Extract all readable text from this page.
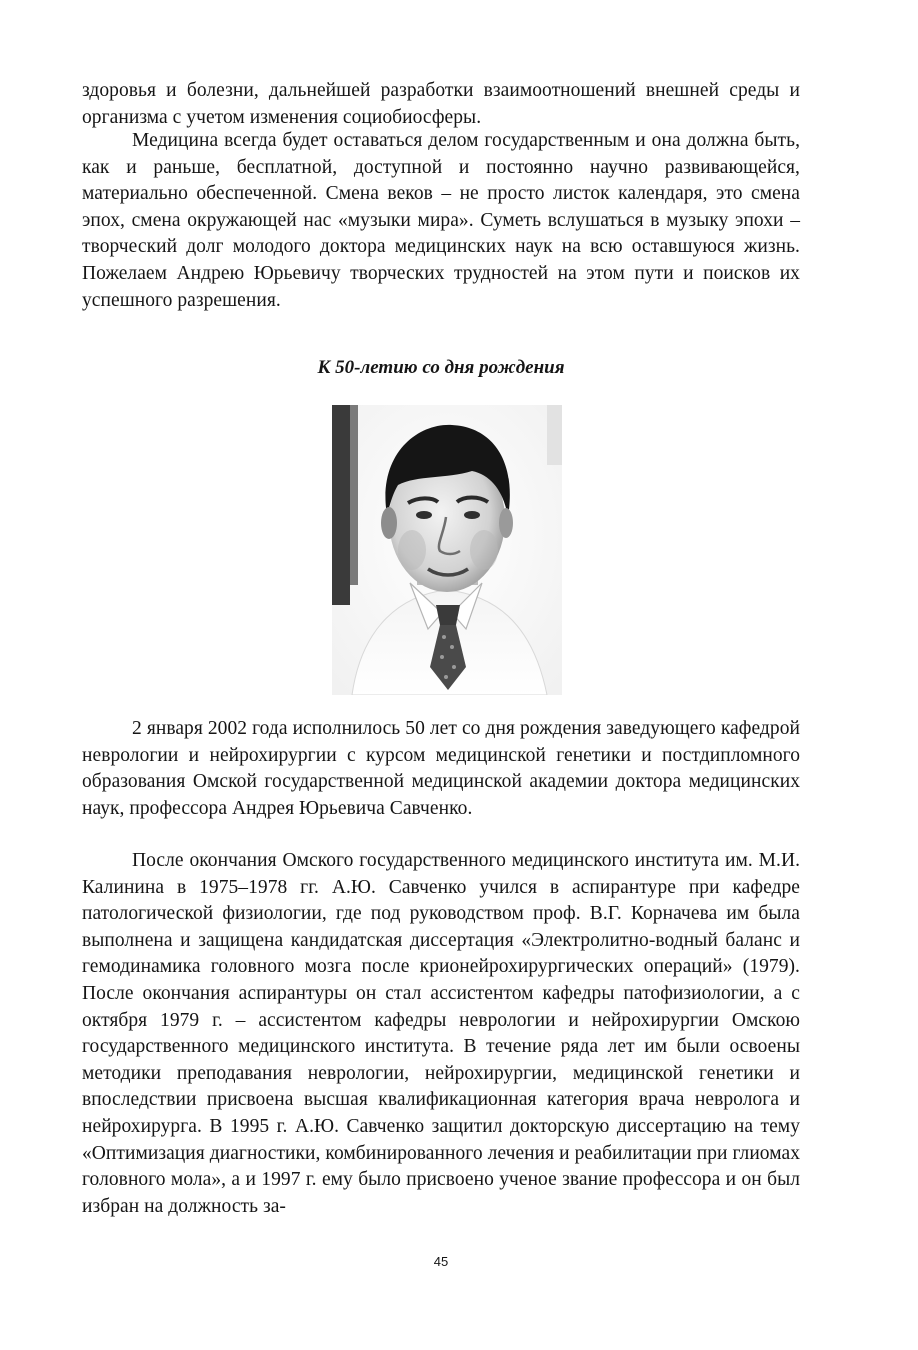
здоровья и болезни, дальнейшей разработки взаимоотношений внешней среды и организма с учетом изменения социобиосферы.

Медицина всегда будет оставаться делом государственным и она должна быть, как и раньше, бесплатной, доступной и постоянно научно развивающейся, материально обеспеченной. Смена веков – не просто листок календаря, это смена эпох, смена окружающей нас «музыки мира». Суметь вслушаться в музыку эпохи – творческий долг молодого доктора медицинских наук на всю оставшуюся жизнь. Пожелаем Андрею Юрьевичу творческих трудностей на этом пути и поисков их успешного разрешения.

К 50-летию со дня рождения

2 января 2002 года исполнилось 50 лет со дня рождения заведующего кафедрой неврологии и нейрохирургии с курсом медицинской генетики и постдипломного образования Омской государственной медицинской академии доктора медицинских наук, профессора Андрея Юрьевича Савченко.

После окончания Омского государственного медицинского института им. М.И. Калинина в 1975–1978 гг. А.Ю. Савченко учился в аспирантуре при кафедре патологической физиологии, где под руководством проф. В.Г. Корначева им была выполнена и защищена кандидатская диссертация «Электролитно-водный баланс и гемодинамика головного мозга после крионейрохирургических операций» (1979). После окончания аспирантуры он стал ассистентом кафедры патофизиологии, а с октября 1979 г. – ассистентом кафедры неврологии и нейрохирургии Омскою государственного медицинского института. В течение ряда лет им были освоены методики преподавания неврологии, нейрохирургии, медицинской генетики и впоследствии присвоена высшая квалификационная категория врача невролога и нейрохирурга. В 1995 г. А.Ю. Савченко защитил докторскую диссертацию на тему «Оптимизация диагностики, комбинированного лечения и реабилитации при глиомах головного мола», а и 1997 г. ему было присвоено ученое звание профессора и он был избран на должность за-

45
